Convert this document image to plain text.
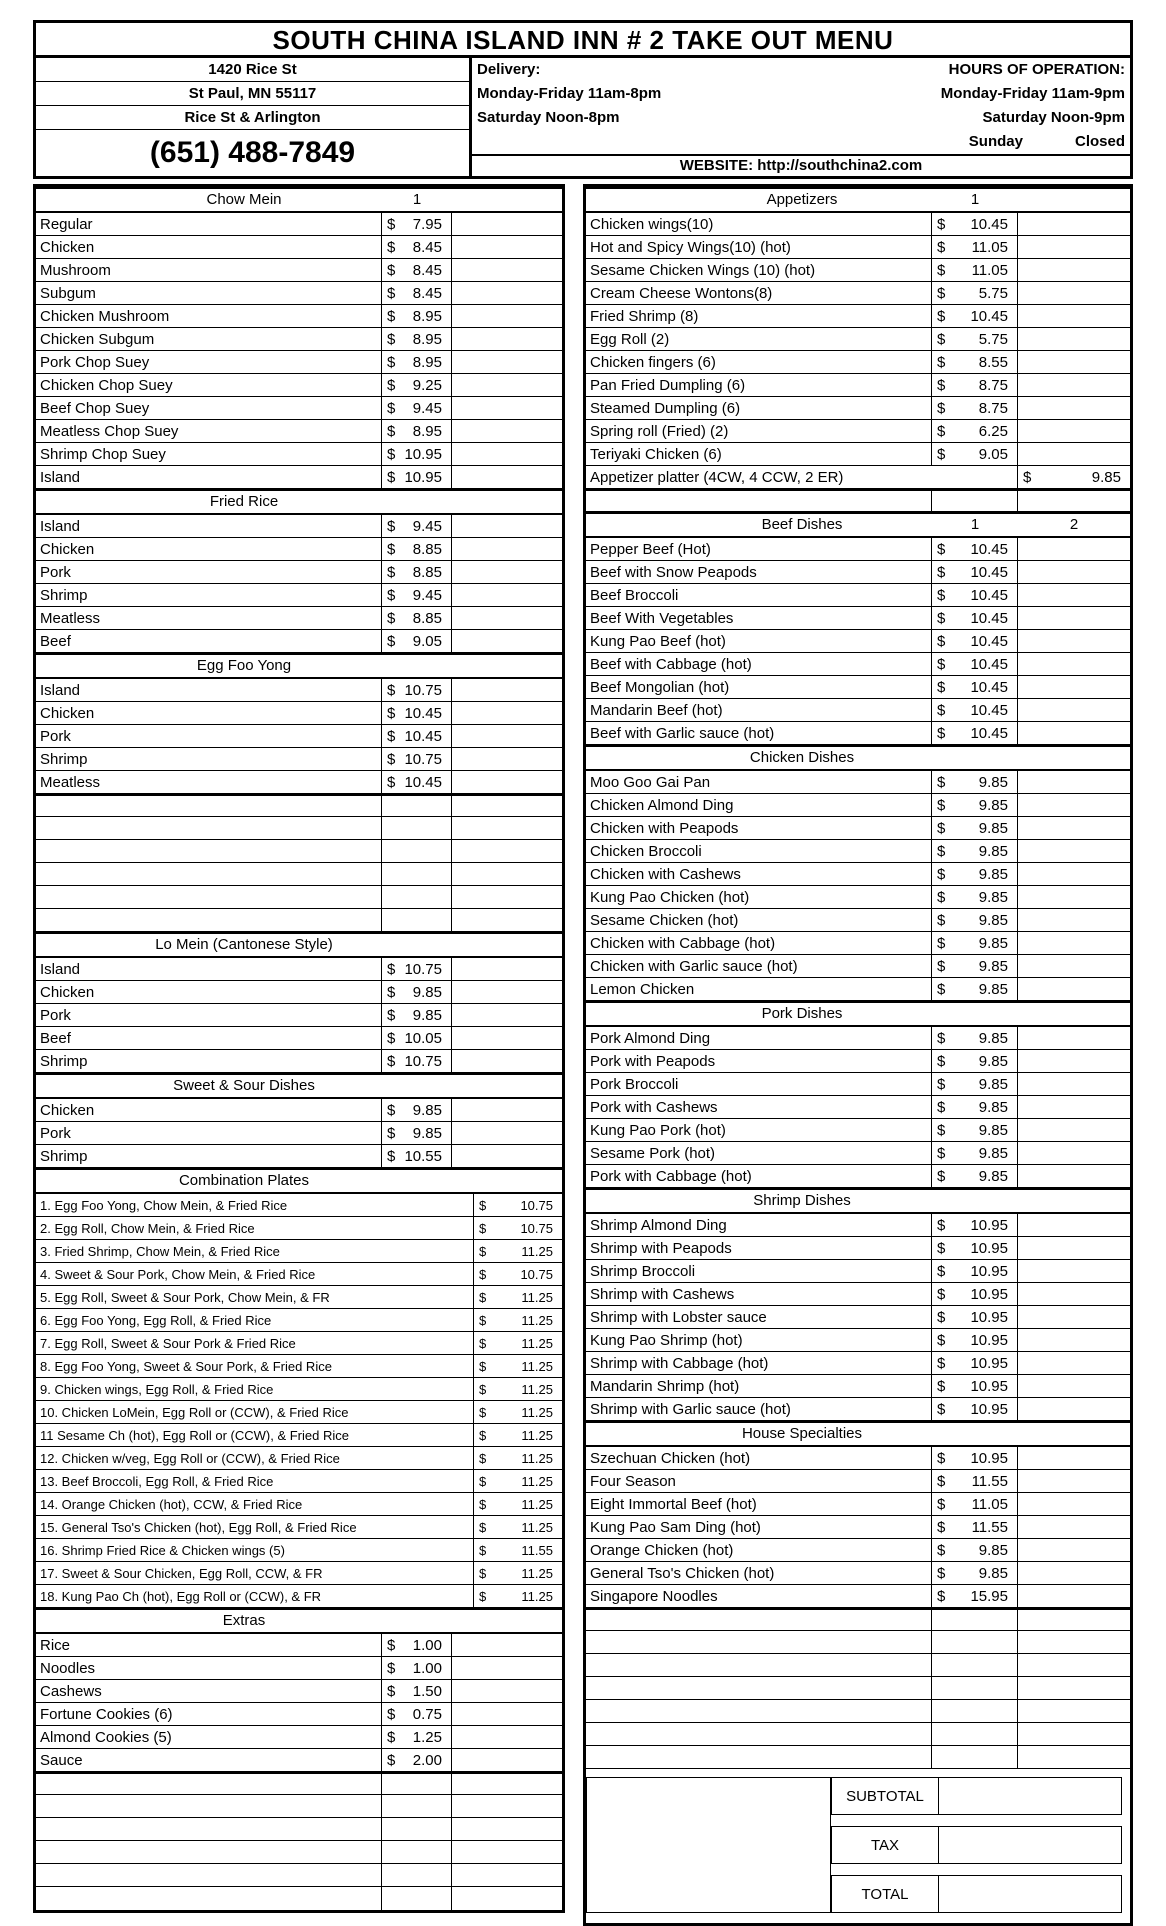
SOUTH CHINA ISLAND INN # 2 TAKE OUT MENU
1420 Rice St
St Paul, MN 55117
Rice St & Arlington
(651) 488-7849
Delivery:	HOURS OF OPERATION:
Monday-Friday 11am-8pm	Monday-Friday 11am-9pm
Saturday Noon-8pm	Saturday Noon-9pm
Sunday	Closed
WEBSITE: http://southchina2.com
Chow Mein	1
Regular	$ 7.95
Chicken	$ 8.45
Mushroom	$ 8.45
Subgum	$ 8.45
Chicken Mushroom	$ 8.95
Chicken Subgum	$ 8.95
Pork Chop Suey	$ 8.95
Chicken Chop Suey	$ 9.25
Beef Chop Suey	$ 9.45
Meatless Chop Suey	$ 8.95
Shrimp Chop Suey	$ 10.95
Island	$ 10.95
Fried Rice
Island	$ 9.45
Chicken	$ 8.85
Pork	$ 8.85
Shrimp	$ 9.45
Meatless	$ 8.85
Beef	$ 9.05
Egg Foo Yong
Island	$ 10.75
Chicken	$ 10.45
Pork	$ 10.45
Shrimp	$ 10.75
Meatless	$ 10.45
Lo Mein (Cantonese Style)
Island	$ 10.75
Chicken	$ 9.85
Pork	$ 9.85
Beef	$ 10.05
Shrimp	$ 10.75
Sweet & Sour Dishes
Chicken	$ 9.85
Pork	$ 9.85
Shrimp	$ 10.55
Combination Plates
1. Egg Foo Yong, Chow Mein, & Fried Rice	$	10.75
2. Egg Roll, Chow Mein, & Fried Rice	$	10.75
3. Fried Shrimp, Chow Mein, & Fried Rice	$	11.25
4. Sweet & Sour Pork, Chow Mein, & Fried Rice	$	10.75
5. Egg Roll, Sweet & Sour Pork, Chow Mein, & FR	$	11.25
6. Egg Foo Yong, Egg Roll, & Fried Rice	$	11.25
7. Egg Roll, Sweet & Sour Pork & Fried Rice	$	11.25
8. Egg Foo Yong, Sweet & Sour Pork, & Fried Rice	$	11.25
9. Chicken wings, Egg Roll, & Fried Rice	$	11.25
10. Chicken LoMein, Egg Roll or (CCW), & Fried Rice	$	11.25
11 Sesame Ch (hot), Egg Roll or (CCW), & Fried Rice	$	11.25
12. Chicken w/veg, Egg Roll or (CCW), & Fried Rice	$	11.25
13. Beef Broccoli, Egg Roll, & Fried Rice	$	11.25
14. Orange Chicken (hot), CCW, & Fried Rice	$	11.25
15. General Tso's Chicken (hot), Egg Roll, & Fried Rice	$	11.25
16. Shrimp Fried Rice & Chicken wings (5)	$	11.55
17. Sweet & Sour Chicken, Egg Roll, CCW, & FR	$	11.25
18. Kung Pao Ch (hot), Egg Roll or (CCW), & FR	$	11.25
Extras
Rice	$ 1.00
Noodles	$ 1.00
Cashews	$ 1.50
Fortune Cookies (6)	$ 0.75
Almond Cookies (5)	$ 1.25
Sauce	$ 2.00
Appetizers	1
Chicken wings(10)	$ 10.45
Hot and Spicy Wings(10) (hot)	$ 11.05
Sesame Chicken Wings (10) (hot)	$ 11.05
Cream Cheese Wontons(8)	$ 5.75
Fried Shrimp (8)	$ 10.45
Egg Roll (2)	$ 5.75
Chicken fingers (6)	$ 8.55
Pan Fried Dumpling (6)	$ 8.75
Steamed Dumpling (6)	$ 8.75
Spring roll (Fried) (2)	$ 6.25
Teriyaki Chicken (6)	$ 9.05
Appetizer platter (4CW, 4 CCW, 2 ER)	$	9.85
Beef Dishes	1	2
Pepper Beef (Hot)	$ 10.45
Beef with Snow Peapods	$ 10.45
Beef Broccoli	$ 10.45
Beef With Vegetables	$ 10.45
Kung Pao Beef (hot)	$ 10.45
Beef with Cabbage (hot)	$ 10.45
Beef Mongolian (hot)	$ 10.45
Mandarin Beef (hot)	$ 10.45
Beef with Garlic sauce (hot)	$ 10.45
Chicken Dishes
Moo Goo Gai Pan	$ 9.85
Chicken Almond Ding	$ 9.85
Chicken with Peapods	$ 9.85
Chicken Broccoli	$ 9.85
Chicken with Cashews	$ 9.85
Kung Pao Chicken (hot)	$ 9.85
Sesame Chicken (hot)	$ 9.85
Chicken with Cabbage (hot)	$ 9.85
Chicken with Garlic sauce (hot)	$ 9.85
Lemon Chicken	$ 9.85
Pork Dishes
Pork Almond Ding	$ 9.85
Pork with Peapods	$ 9.85
Pork Broccoli	$ 9.85
Pork with Cashews	$ 9.85
Kung Pao Pork (hot)	$ 9.85
Sesame Pork (hot)	$ 9.85
Pork with Cabbage (hot)	$ 9.85
Shrimp Dishes
Shrimp Almond Ding	$ 10.95
Shrimp with Peapods	$ 10.95
Shrimp Broccoli	$ 10.95
Shrimp with Cashews	$ 10.95
Shrimp with Lobster sauce	$ 10.95
Kung Pao Shrimp (hot)	$ 10.95
Shrimp with Cabbage (hot)	$ 10.95
Mandarin Shrimp (hot)	$ 10.95
Shrimp with Garlic sauce (hot)	$ 10.95
House Specialties
Szechuan Chicken (hot)	$ 10.95
Four Season	$ 11.55
Eight Immortal Beef (hot)	$ 11.05
Kung Pao Sam Ding (hot)	$ 11.55
Orange Chicken (hot)	$ 9.85
General Tso's Chicken (hot)	$ 9.85
Singapore Noodles	$ 15.95
SUBTOTAL
TAX
TOTAL
